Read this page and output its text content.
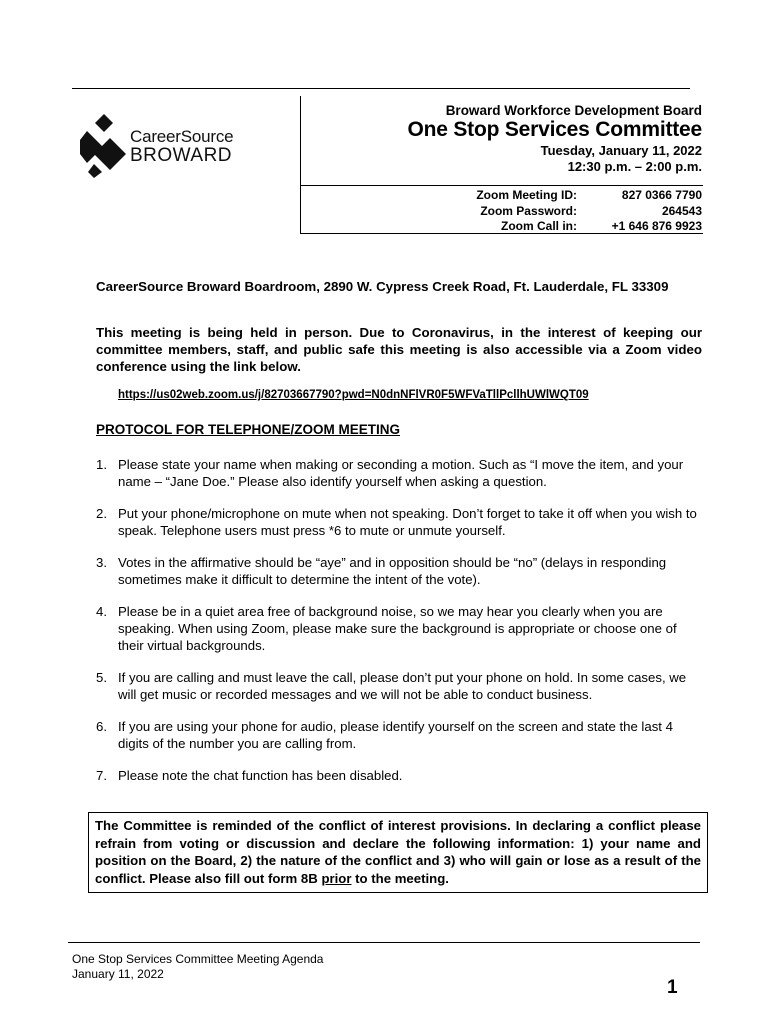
CareerSource
BROWARD
Broward Workforce Development Board
One Stop Services Committee
Tuesday, January 11, 2022
12:30 p.m. – 2:00 p.m.
Zoom Meeting ID:
Zoom Password:
Zoom Call in:
827 0366 7790
264543
+1 646 876 9923
CareerSource Broward Boardroom, 2890 W. Cypress Creek Road, Ft. Lauderdale, FL 33309
This meeting is being held in person. Due to Coronavirus, in the interest of keeping our committee members, staff, and public safe this meeting is also accessible via a Zoom video conference using the link below.
https://us02web.zoom.us/j/82703667790?pwd=N0dnNFlVR0F5WFVaTllPcllhUWlWQT09
PROTOCOL FOR TELEPHONE/ZOOM MEETING
1. Please state your name when making or seconding a motion. Such as “I move the item, and your name – “Jane Doe.” Please also identify yourself when asking a question.
2. Put your phone/microphone on mute when not speaking. Don’t forget to take it off when you wish to speak. Telephone users must press *6 to mute or unmute yourself.
3. Votes in the affirmative should be “aye” and in opposition should be “no” (delays in responding sometimes make it difficult to determine the intent of the vote).
4. Please be in a quiet area free of background noise, so we may hear you clearly when you are speaking. When using Zoom, please make sure the background is appropriate or choose one of their virtual backgrounds.
5. If you are calling and must leave the call, please don’t put your phone on hold. In some cases, we will get music or recorded messages and we will not be able to conduct business.
6. If you are using your phone for audio, please identify yourself on the screen and state the last 4 digits of the number you are calling from.
7. Please note the chat function has been disabled.
The Committee is reminded of the conflict of interest provisions. In declaring a conflict please refrain from voting or discussion and declare the following information: 1) your name and position on the Board, 2) the nature of the conflict and 3) who will gain or lose as a result of the conflict. Please also fill out form 8B prior to the meeting.
One Stop Services Committee Meeting Agenda
January 11, 2022
1
